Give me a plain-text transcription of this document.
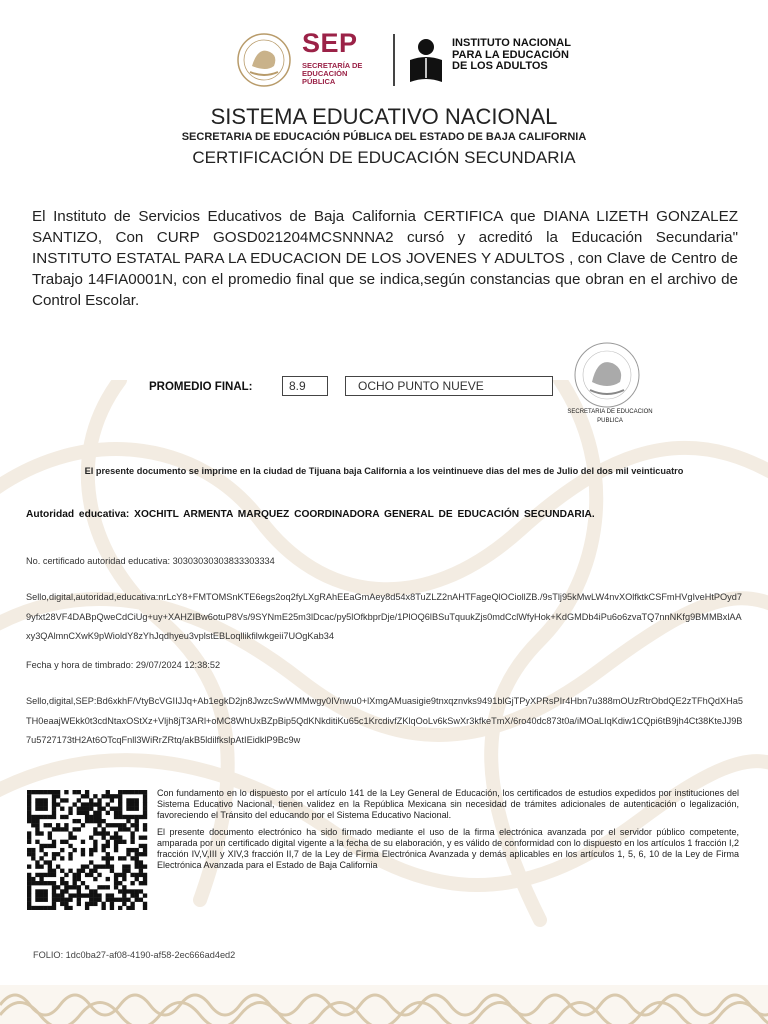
SEP
SECRETARÍA DE EDUCACIÓN PÚBLICA
INSTITUTO NACIONAL PARA LA EDUCACIÓN DE LOS ADULTOS
SISTEMA EDUCATIVO NACIONAL
SECRETARIA DE EDUCACIÓN PÚBLICA DEL ESTADO DE BAJA CALIFORNIA
CERTIFICACIÓN DE EDUCACIÓN SECUNDARIA
El Instituto de Servicios Educativos de Baja California CERTIFICA que DIANA LIZETH GONZALEZ SANTIZO, Con CURP GOSD021204MCSNNNA2 cursó y acreditó la Educación Secundaria" INSTITUTO ESTATAL PARA LA EDUCACION DE LOS JOVENES Y ADULTOS , con Clave de Centro de Trabajo 14FIA0001N, con el promedio final que se indica,según constancias que obran en el archivo de Control Escolar.
PROMEDIO FINAL:	8.9	OCHO PUNTO NUEVE
SECRETARIA DE EDUCACION PUBLICA
El presente documento se imprime en la ciudad de Tijuana baja California a los veintinueve dias del mes de Julio del dos mil veinticuatro
Autoridad educativa: XOCHITL ARMENTA MARQUEZ COORDINADORA GENERAL DE EDUCACIÓN SECUNDARIA.
No. certificado autoridad educativa: 30303030303833303334
Sello,digital,autoridad,educativa:nrLcY8+FMTOMSnKTE6egs2oq2fyLXgRAhEEaGmAey8d54x8TuZLZ2nAHTFageQlOCiollZB./9sTlj95kMwLW4nvXOlfktkCSFmHVgIveHtPOyd79yfxt28VF4DABpQweCdCiUg+uy+XAHZIBw6otuP8Vs/9SYNmE25m3lDcac/py5lOfkbprDje/1PlOQ6lBSuTquukZjs0mdCclWfyHok+KdGMDb4iPu6o6zvaTQ7nnNKfg9BMMBxlAAxy3QAlmnCXwK9pWioldY8zYhJqdhyeu3vplstEBLoqllikfilwkgeii7UOgKab34
Fecha y hora de timbrado: 29/07/2024 12:38:52
Sello,digital,SEP:Bd6xkhF/VtyBcVGIIJJq+Ab1egkD2jn8JwzcSwWMMwgy0IVnwu0+lXmgAMuasigie9tnxqznvks9491blGjTPyXPRsPIr4Hbn7u388mOUzRtrObdQE2zTFhQdXHa5TH0eaajWEkk0t3cdNtaxOStXz+Vljh8jT3ARl+oMC8WhUxBZpBip5QdKNkditiKu65c1KrcdivfZKlqOoLv6kSwXr3kfkeTmX/6ro40dc873t0a/iMOaLIqKdiw1CQpi6tB9jh4Ct38KteJJ9B7u5727173tH2At6OTcqFnll3WiRrZRtq/akB5ldilfkslpAtIEidklP9Bc9w

Con fundamento en lo dispuesto por el artículo 141 de la Ley General de Educación, los certificados de estudios expedidos por instituciones del Sistema Educativo Nacional, tienen validez en la República Mexicana sin necesidad de trámites adicionales de autenticación o legalización, favoreciendo el Tránsito del educando por el Sistema Educativo Nacional.

El presente documento electrónico ha sido firmado mediante el uso de la firma electrónica avanzada por el servidor público competente, amparada por un certificado digital vigente a la fecha de su elaboración, y es válido de conformidad con lo dispuesto en los artículos 1 fracción I,2 fracción IV,V,III y XIV,3 fracción II,7 de la Ley de Firma Electrónica Avanzada y demás aplicables en los artículos 1, 5, 6, 10 de la Ley de Firma Electrónica Avanzada para el Estado de Baja California

FOLIO: 1dc0ba27-af08-4190-af58-2ec666ad4ed2
